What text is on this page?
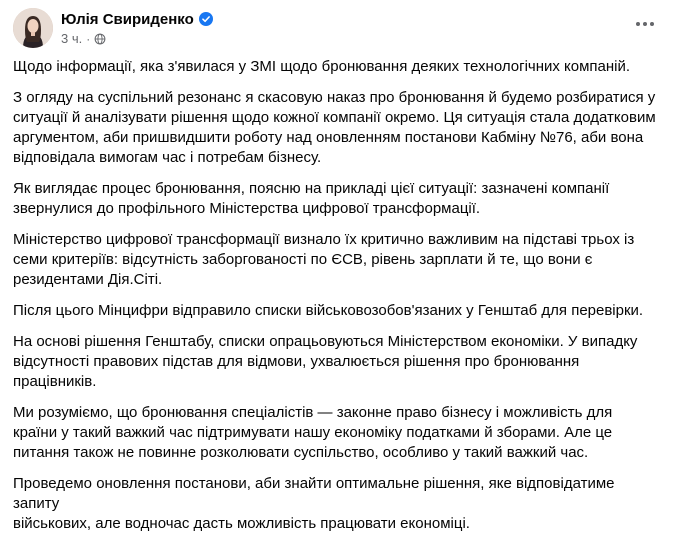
Юлія Свириденко
3 ч. ·

Щодо інформації, яка з'явилася у ЗМІ щодо бронювання деяких технологічних компаній.

З огляду на суспільний резонанс я скасовую наказ про бронювання й будемо розбиратися у
ситуації й аналізувати рішення щодо кожної компанії окремо. Ця ситуація стала додатковим
аргументом, аби пришвидшити роботу над оновленням постанови Кабміну №76, аби вона
відповідала вимогам час і потребам бізнесу.

Як виглядає процес бронювання, поясню на прикладі цієї ситуації: зазначені компанії
звернулися до профільного Міністерства цифрової трансформації.

Міністерство цифрової трансформації визнало їх критично важливим на підставі трьох із
семи критеріїв: відсутність заборгованості по ЄСВ, рівень зарплати й те, що вони є
резидентами Дія.Сіті.

Після цього Мінцифри відправило списки військовозобов'язаних у Генштаб для перевірки.

На основі рішення Генштабу, списки опрацьовуються Міністерством економіки. У випадку
відсутності правових підстав для відмови, ухвалюється рішення про бронювання
працівників.

Ми розуміємо, що бронювання спеціалістів — законне право бізнесу і можливість для
країни у такий важкий час підтримувати нашу економіку податками й зборами. Але це
питання також не повинне розколювати суспільство, особливо у такий важкий час.

Проведемо оновлення постанови, аби знайти оптимальне рішення, яке відповідатиме запиту
військових, але водночас дасть можливість працювати економіці.
